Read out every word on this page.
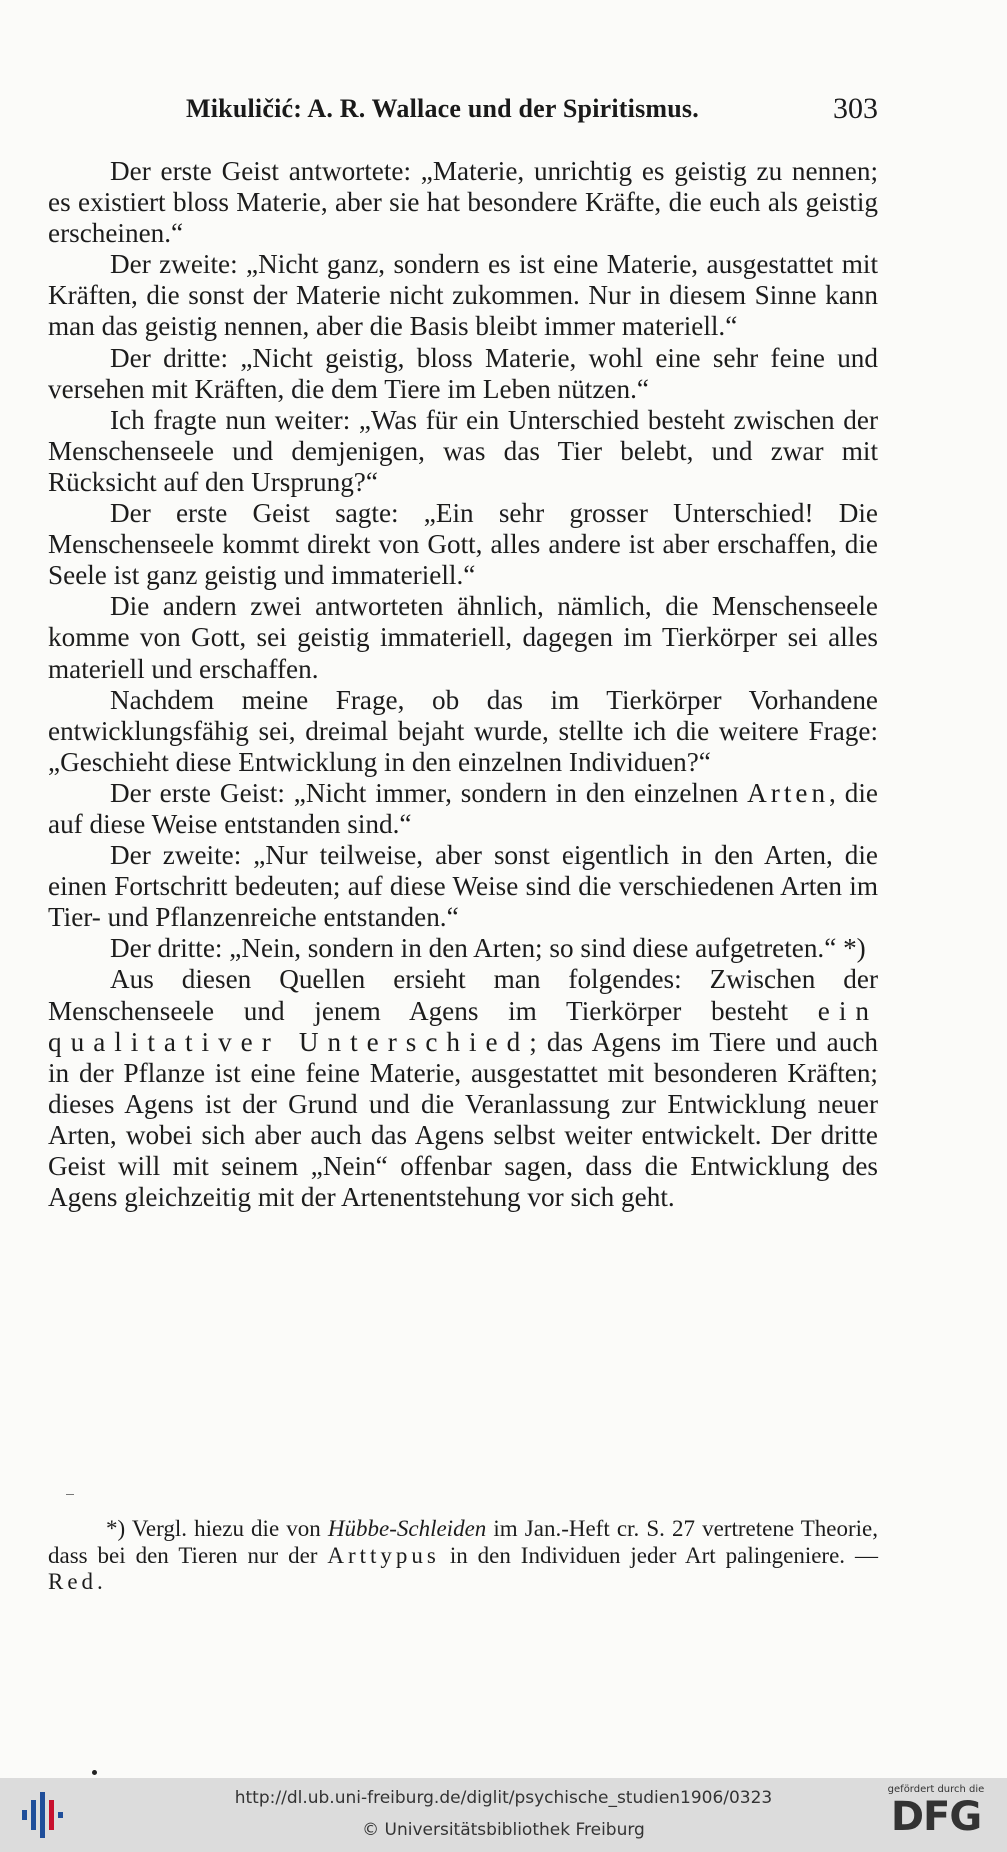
Mikuličić: A. R. Wallace und der Spiritismus.	303

Der erste Geist antwortete: „Materie, unrichtig es geistig zu nennen; es existiert bloss Materie, aber sie hat besondere Kräfte, die euch als geistig erscheinen.“

Der zweite: „Nicht ganz, sondern es ist eine Materie, ausgestattet mit Kräften, die sonst der Materie nicht zukommen. Nur in diesem Sinne kann man das geistig nennen, aber die Basis bleibt immer materiell.“

Der dritte: „Nicht geistig, bloss Materie, wohl eine sehr feine und versehen mit Kräften, die dem Tiere im Leben nützen.“

Ich fragte nun weiter: „Was für ein Unterschied besteht zwischen der Menschenseele und demjenigen, was das Tier belebt, und zwar mit Rücksicht auf den Ursprung?“

Der erste Geist sagte: „Ein sehr grosser Unterschied! Die Menschenseele kommt direkt von Gott, alles andere ist aber erschaffen, die Seele ist ganz geistig und immateriell.“

Die andern zwei antworteten ähnlich, nämlich, die Menschenseele komme von Gott, sei geistig immateriell, dagegen im Tierkörper sei alles materiell und erschaffen.

Nachdem meine Frage, ob das im Tierkörper Vorhandene entwicklungsfähig sei, dreimal bejaht wurde, stellte ich die weitere Frage: „Geschieht diese Entwicklung in den einzelnen Individuen?“

Der erste Geist: „Nicht immer, sondern in den einzelnen Arten, die auf diese Weise entstanden sind.“

Der zweite: „Nur teilweise, aber sonst eigentlich in den Arten, die einen Fortschritt bedeuten; auf diese Weise sind die verschiedenen Arten im Tier- und Pflanzenreiche entstanden.“

Der dritte: „Nein, sondern in den Arten; so sind diese aufgetreten.“ *)

Aus diesen Quellen ersieht man folgendes: Zwischen der Menschenseele und jenem Agens im Tierkörper besteht ein qualitativer Unterschied; das Agens im Tiere und auch in der Pflanze ist eine feine Materie, ausgestattet mit besonderen Kräften; dieses Agens ist der Grund und die Veranlassung zur Entwicklung neuer Arten, wobei sich aber auch das Agens selbst weiter entwickelt. Der dritte Geist will mit seinem „Nein“ offenbar sagen, dass die Entwicklung des Agens gleichzeitig mit der Artenentstehung vor sich geht.

*) Vergl. hiezu die von Hübbe-Schleiden im Jan.-Heft cr. S. 27 vertretene Theorie, dass bei den Tieren nur der Arttypus in den Individuen jeder Art palingeniere. — Red.

http://dl.ub.uni-freiburg.de/diglit/psychische_studien1906/0323
© Universitätsbibliothek Freiburg
gefördert durch die
DFG
